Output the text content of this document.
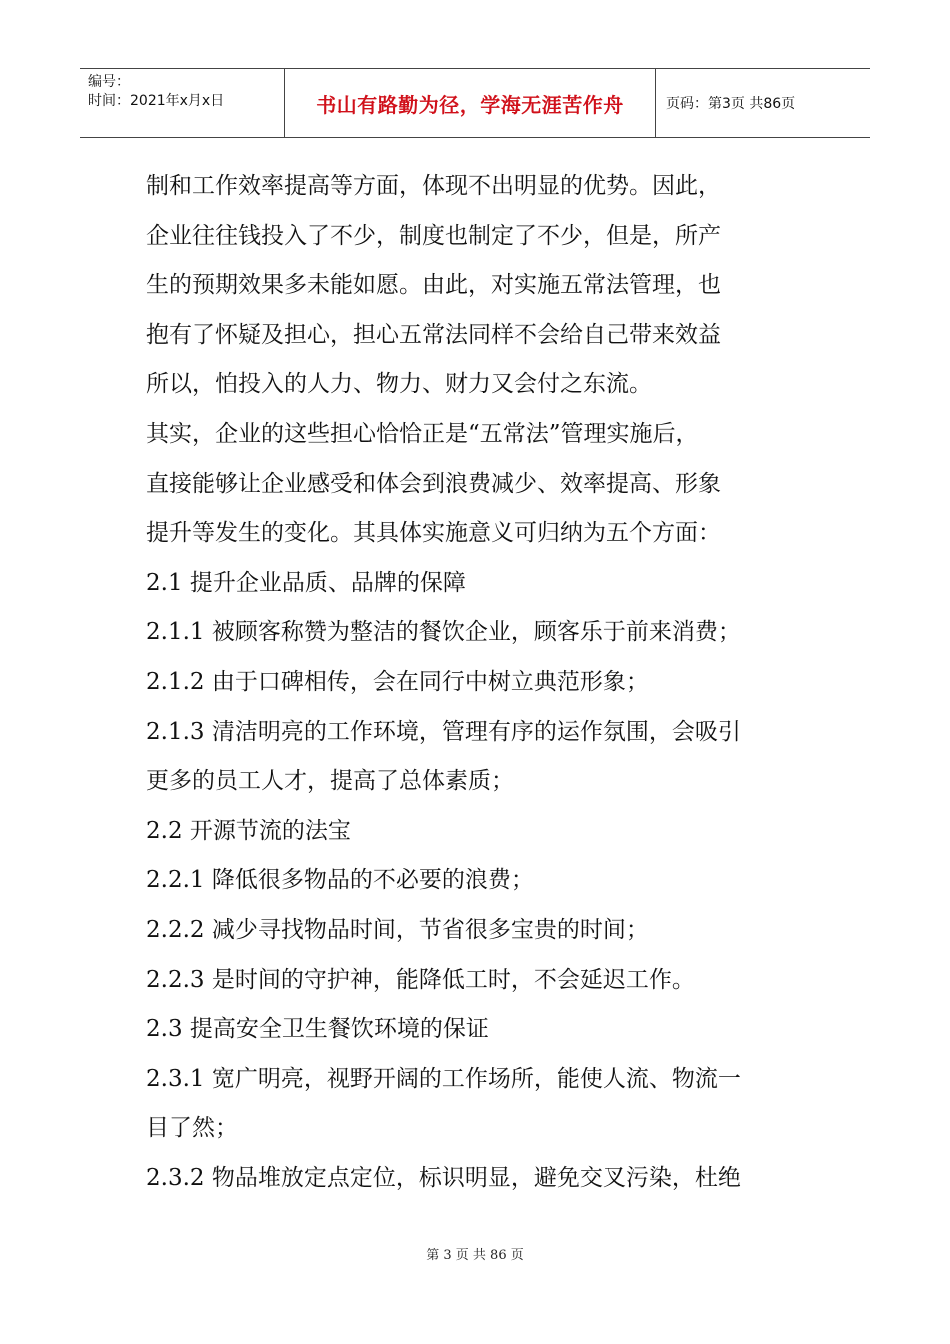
编号：
时间：2021年x月x日	书山有路勤为径，学海无涯苦作舟	页码：第3页 共86页
制和工作效率提高等方面，体现不出明显的优势。因此，
企业往往钱投入了不少，制度也制定了不少，但是，所产
生的预期效果多未能如愿。由此，对实施五常法管理，也
抱有了怀疑及担心，担心五常法同样不会给自己带来效益
所以，怕投入的人力、物力、财力又会付之东流。
其实，企业的这些担心恰恰正是“五常法”管理实施后，
直接能够让企业感受和体会到浪费减少、效率提高、形象
提升等发生的变化。其具体实施意义可归纳为五个方面：
2.1 提升企业品质、品牌的保障
2.1.1 被顾客称赞为整洁的餐饮企业，顾客乐于前来消费；
2.1.2 由于口碑相传，会在同行中树立典范形象；
2.1.3 清洁明亮的工作环境，管理有序的运作氛围，会吸引
更多的员工人才，提高了总体素质；
2.2 开源节流的法宝
2.2.1 降低很多物品的不必要的浪费；
2.2.2 减少寻找物品时间，节省很多宝贵的时间；
2.2.3 是时间的守护神，能降低工时，不会延迟工作。
2.3 提高安全卫生餐饮环境的保证
2.3.1 宽广明亮，视野开阔的工作场所，能使人流、物流一
目了然；
2.3.2 物品堆放定点定位，标识明显，避免交叉污染，杜绝
第 3 页 共 86 页
